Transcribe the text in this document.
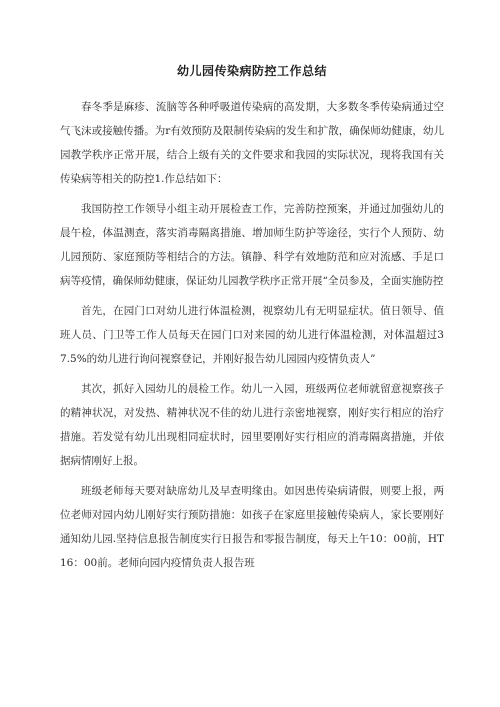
幼儿园传染病防控工作总结

春冬季是麻疹、流脑等各种呼吸道传染病的高发期，大多数冬季传染病通过空气飞沫或接触传播。为r有效预防及限制传染病的发生和扩散，确保师幼健康，幼儿园教学秩序正常开展，结合上级有关的文件要求和我园的实际状况，现将我国有关传染病等相关的防控1.作总结如下：

我国防控工作领导小组主动开展检查工作，完善防控预案，并通过加强幼儿的晨午检，体温测查，落实消毒隔离措施、增加师生防护等途径，实行个人预防、幼儿园预防、家庭预防等相结合的方法。镇静、科学有效地防范和应对流感、手足口病等疫情，确保师幼健康，保证幼儿园教学秩序正常开展“全员参及，全面实施防控

首先，在园门口对幼儿进行体温检测，视察幼儿有无明显症状。值日领导、值班人员、门卫等工作人员每天在园门口对来园的幼儿进行体温检测，对体温超过37.5%的幼儿进行询问视察登记，并刚好报告幼儿园园内疫情负责人”

其次，抓好入园幼儿的晨检工作。幼儿一入园，班级两位老师就留意视察孩子的精神状况，对发热、精神状况不佳的幼儿进行亲密地视察，刚好实行相应的治疗措施。若发觉有幼儿出现相同症状时，园里要刚好实行相应的消毒隔离措施，并依据病情刚好上报。

班级老师每天要对缺席幼儿及早查明缘由。如因患传染病请假，则要上报，两位老师对园内幼儿刚好实行预防措施：如孩子在家庭里接触传染病人，家长要刚好通知幼儿园.坚持信息报告制度实行日报告和零报告制度，每天上午10：00前，HT16：00前。老师向园内疫情负责人报告班
